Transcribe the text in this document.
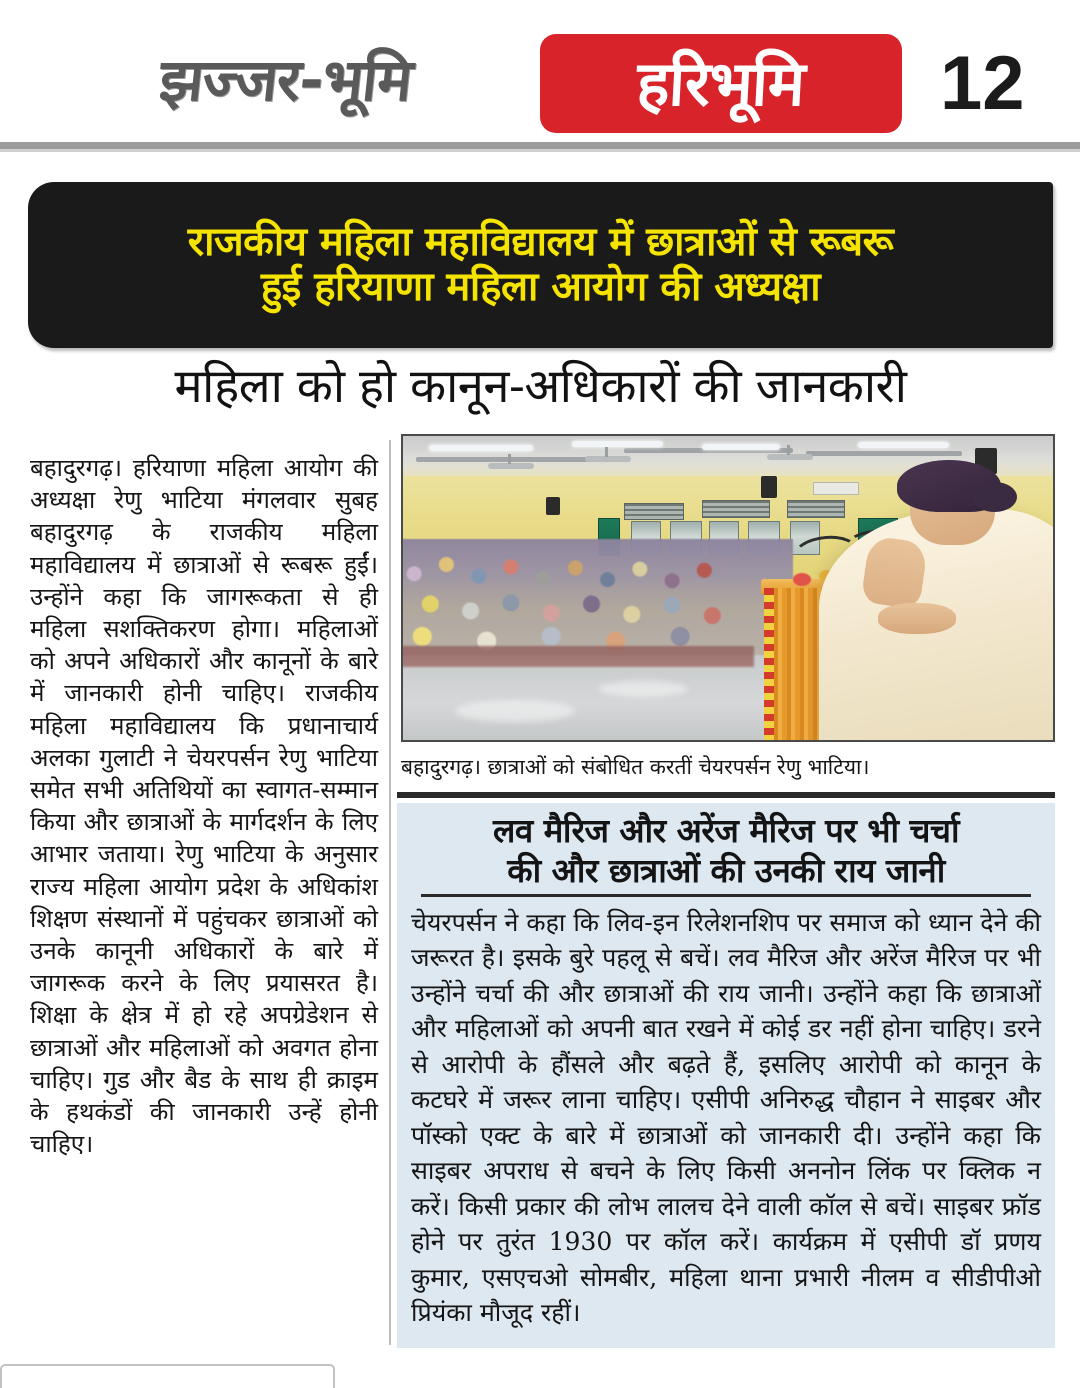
झज्जर-भूमि	हरिभूमि 12
राजकीय महिला महाविद्यालय में छात्राओं से रूबरू
हुई हरियाणा महिला आयोग की अध्यक्षा
महिला को हो कानून-अधिकारों की जानकारी

बहादुरगढ़। हरियाणा महिला आयोग की अध्यक्षा रेणु भाटिया मंगलवार सुबह बहादुरगढ़ के राजकीय महिला महाविद्यालय में छात्राओं से रूबरू हुईं। उन्होंने कहा कि जागरूकता से ही महिला सशक्तिकरण होगा। महिलाओं को अपने अधिकारों और कानूनों के बारे में जानकारी होनी चाहिए। राजकीय महिला महाविद्यालय कि प्रधानाचार्य अलका गुलाटी ने चेयरपर्सन रेणु भाटिया समेत सभी अतिथियों का स्वागत-सम्मान किया और छात्राओं के मार्गदर्शन के लिए आभार जताया। रेणु भाटिया के अनुसार राज्य महिला आयोग प्रदेश के अधिकांश शिक्षण संस्थानों में पहुंचकर छात्राओं को उनके कानूनी अधिकारों के बारे में जागरूक करने के लिए प्रयासरत है। शिक्षा के क्षेत्र में हो रहे अपग्रेडेशन से छात्राओं और महिलाओं को अवगत होना चाहिए। गुड और बैड के साथ ही क्राइम के हथकंडों की जानकारी उन्हें होनी चाहिए।

बहादुरगढ़। छात्राओं को संबोधित करतीं चेयरपर्सन रेणु भाटिया।
लव मैरिज और अरेंज मैरिज पर भी चर्चा
की और छात्राओं की उनकी राय जानी

चेयरपर्सन ने कहा कि लिव-इन रिलेशनशिप पर समाज को ध्यान देने की जरूरत है। इसके बुरे पहलू से बचें। लव मैरिज और अरेंज मैरिज पर भी उन्होंने चर्चा की और छात्राओं की राय जानी। उन्होंने कहा कि छात्राओं और महिलाओं को अपनी बात रखने में कोई डर नहीं होना चाहिए। डरने से आरोपी के हौंसले और बढ़ते हैं, इसलिए आरोपी को कानून के कटघरे में जरूर लाना चाहिए। एसीपी अनिरुद्ध चौहान ने साइबर और पॉस्को एक्ट के बारे में छात्राओं को जानकारी दी। उन्होंने कहा कि साइबर अपराध से बचने के लिए किसी अननोन लिंक पर क्लिक न करें। किसी प्रकार की लोभ लालच देने वाली कॉल से बचें। साइबर फ्रॉड होने पर तुरंत 1930 पर कॉल करें। कार्यक्रम में एसीपी डॉ प्रणय कुमार, एसएचओ सोमबीर, महिला थाना प्रभारी नीलम व सीडीपीओ प्रियंका मौजूद रहीं।
